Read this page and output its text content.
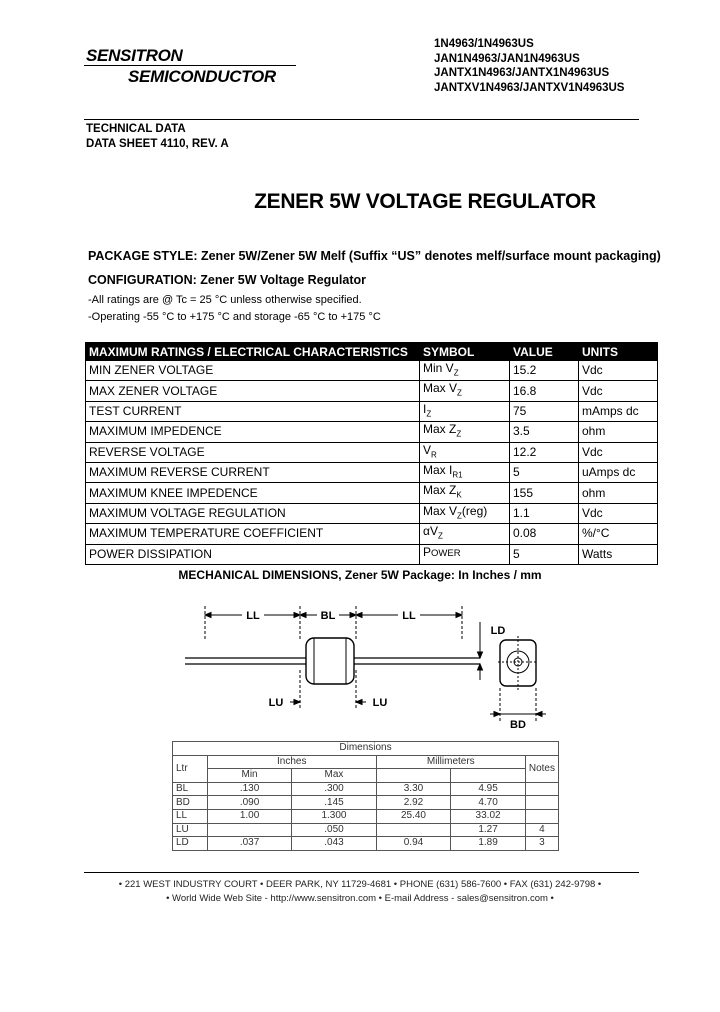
SENSITRON
SEMICONDUCTOR
1N4963/1N4963US
JAN1N4963/JAN1N4963US
JANTX1N4963/JANTX1N4963US
JANTXV1N4963/JANTXV1N4963US
TECHNICAL DATA
DATA SHEET 4110, REV. A
ZENER 5W VOLTAGE REGULATOR
PACKAGE STYLE: Zener 5W/Zener 5W Melf (Suffix “US” denotes melf/surface mount packaging)
CONFIGURATION: Zener 5W Voltage Regulator
-All ratings are @ Tc = 25 °C unless otherwise specified.
-Operating -55 °C to +175 °C and storage -65 °C to +175 °C
MAXIMUM RATINGS / ELECTRICAL CHARACTERISTICS	SYMBOL	VALUE	UNITS
MIN ZENER VOLTAGE	Min $V_Z$	15.2	Vdc
MAX ZENER VOLTAGE	Max $V_Z$	16.8	Vdc
TEST CURRENT	$I_Z$	75	mAmps dc
MAXIMUM IMPEDENCE	Max $Z_Z$	3.5	ohm
REVERSE VOLTAGE	$V_R$	12.2	Vdc
MAXIMUM REVERSE CURRENT	Max $I_{R1}$	5	uAmps dc
MAXIMUM KNEE IMPEDENCE	Max $Z_K$	155	ohm
MAXIMUM VOLTAGE REGULATION	Max $V_Z(reg)$	1.1	Vdc
MAXIMUM TEMPERATURE COEFFICIENT	$\alpha V_Z$	0.08	%/°C
POWER DISSIPATION	POWER	5	Watts
MECHANICAL DIMENSIONS, Zener 5W Package: In Inches / mm
LL	BL	LL
LU	LU
LD
BD
Dimensions					
Ltr	Inches		Millimeters		Notes
	Min	Max			
BL	.130	.300	3.30	4.95	
BD	.090	.145	2.92	4.70	
LL	1.00	1.300	25.40	33.02	
LU		.050		1.27	4
LD	.037	.043	0.94	1.89	3
• 221 WEST INDUSTRY COURT • DEER PARK, NY 11729-4681 • PHONE (631) 586-7600 • FAX (631) 242-9798 •
• World Wide Web Site - http://www.sensitron.com • E-mail Address - sales@sensitron.com •
